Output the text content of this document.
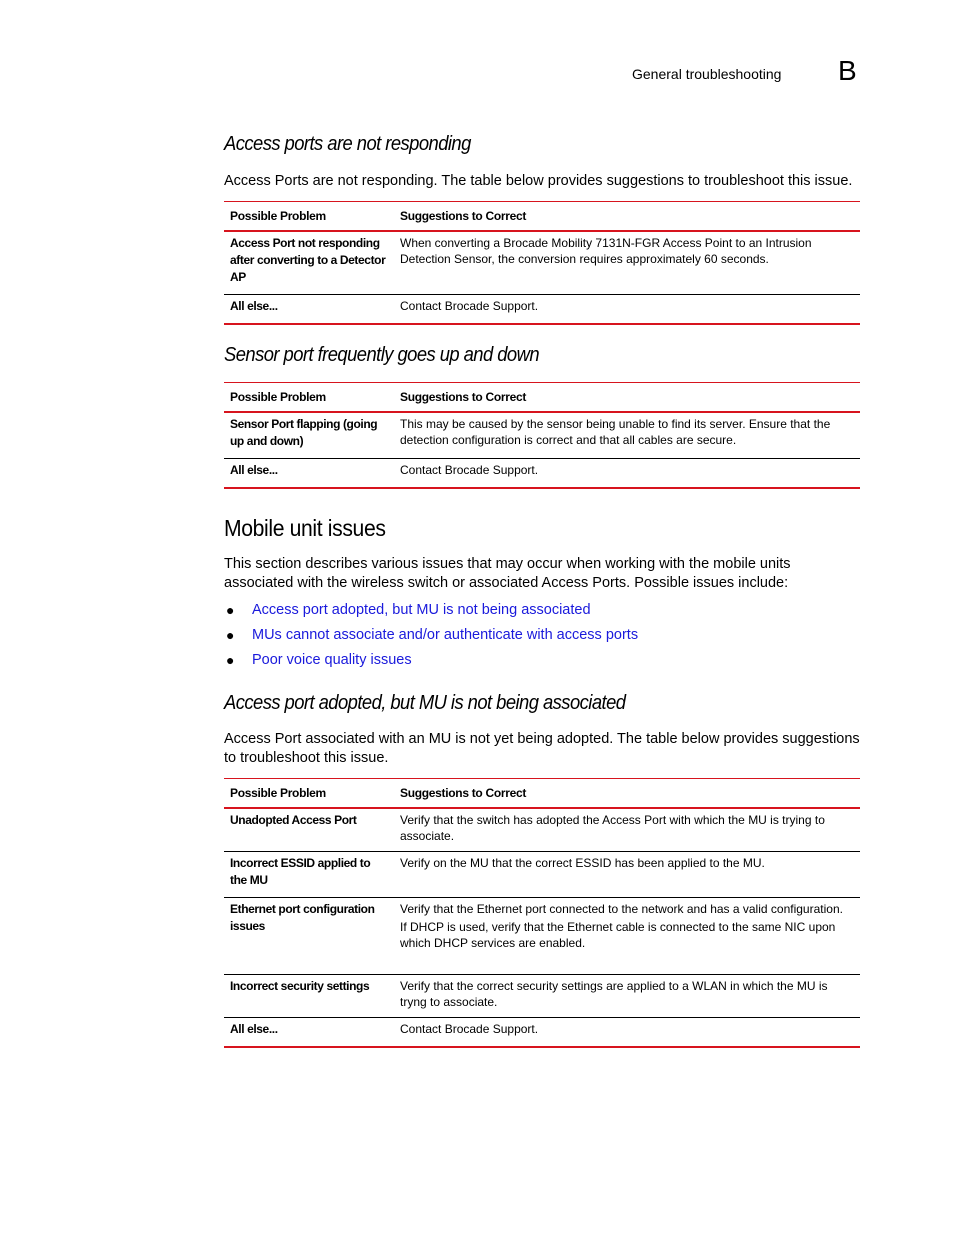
General troubleshooting B
Access ports are not responding
Access Ports are not responding. The table below provides suggestions to troubleshoot this issue.
Possible Problem	Suggestions to Correct
Access Port not responding after converting to a Detector AP	When converting a Brocade Mobility 7131N-FGR Access Point to an Intrusion Detection Sensor, the conversion requires approximately 60 seconds.
All else...	Contact Brocade Support.
Sensor port frequently goes up and down
Possible Problem	Suggestions to Correct
Sensor Port flapping (going up and down)	This may be caused by the sensor being unable to find its server. Ensure that the detection configuration is correct and that all cables are secure.
All else...	Contact Brocade Support.
Mobile unit issues
This section describes various issues that may occur when working with the mobile units associated with the wireless switch or associated Access Ports. Possible issues include:
● Access port adopted, but MU is not being associated
● MUs cannot associate and/or authenticate with access ports
● Poor voice quality issues
Access port adopted, but MU is not being associated
Access Port associated with an MU is not yet being adopted. The table below provides suggestions to troubleshoot this issue.
Possible Problem	Suggestions to Correct
Unadopted Access Port	Verify that the switch has adopted the Access Port with which the MU is trying to associate.
Incorrect ESSID applied to the MU	Verify on the MU that the correct ESSID has been applied to the MU.
Ethernet port configuration issues	Verify that the Ethernet port connected to the network and has a valid configuration.

If DHCP is used, verify that the Ethernet cable is connected to the same NIC upon which DHCP services are enabled.

Incorrect security settings	Verify that the correct security settings are applied to a WLAN in which the MU is tryng to associate.
All else...	Contact Brocade Support.
